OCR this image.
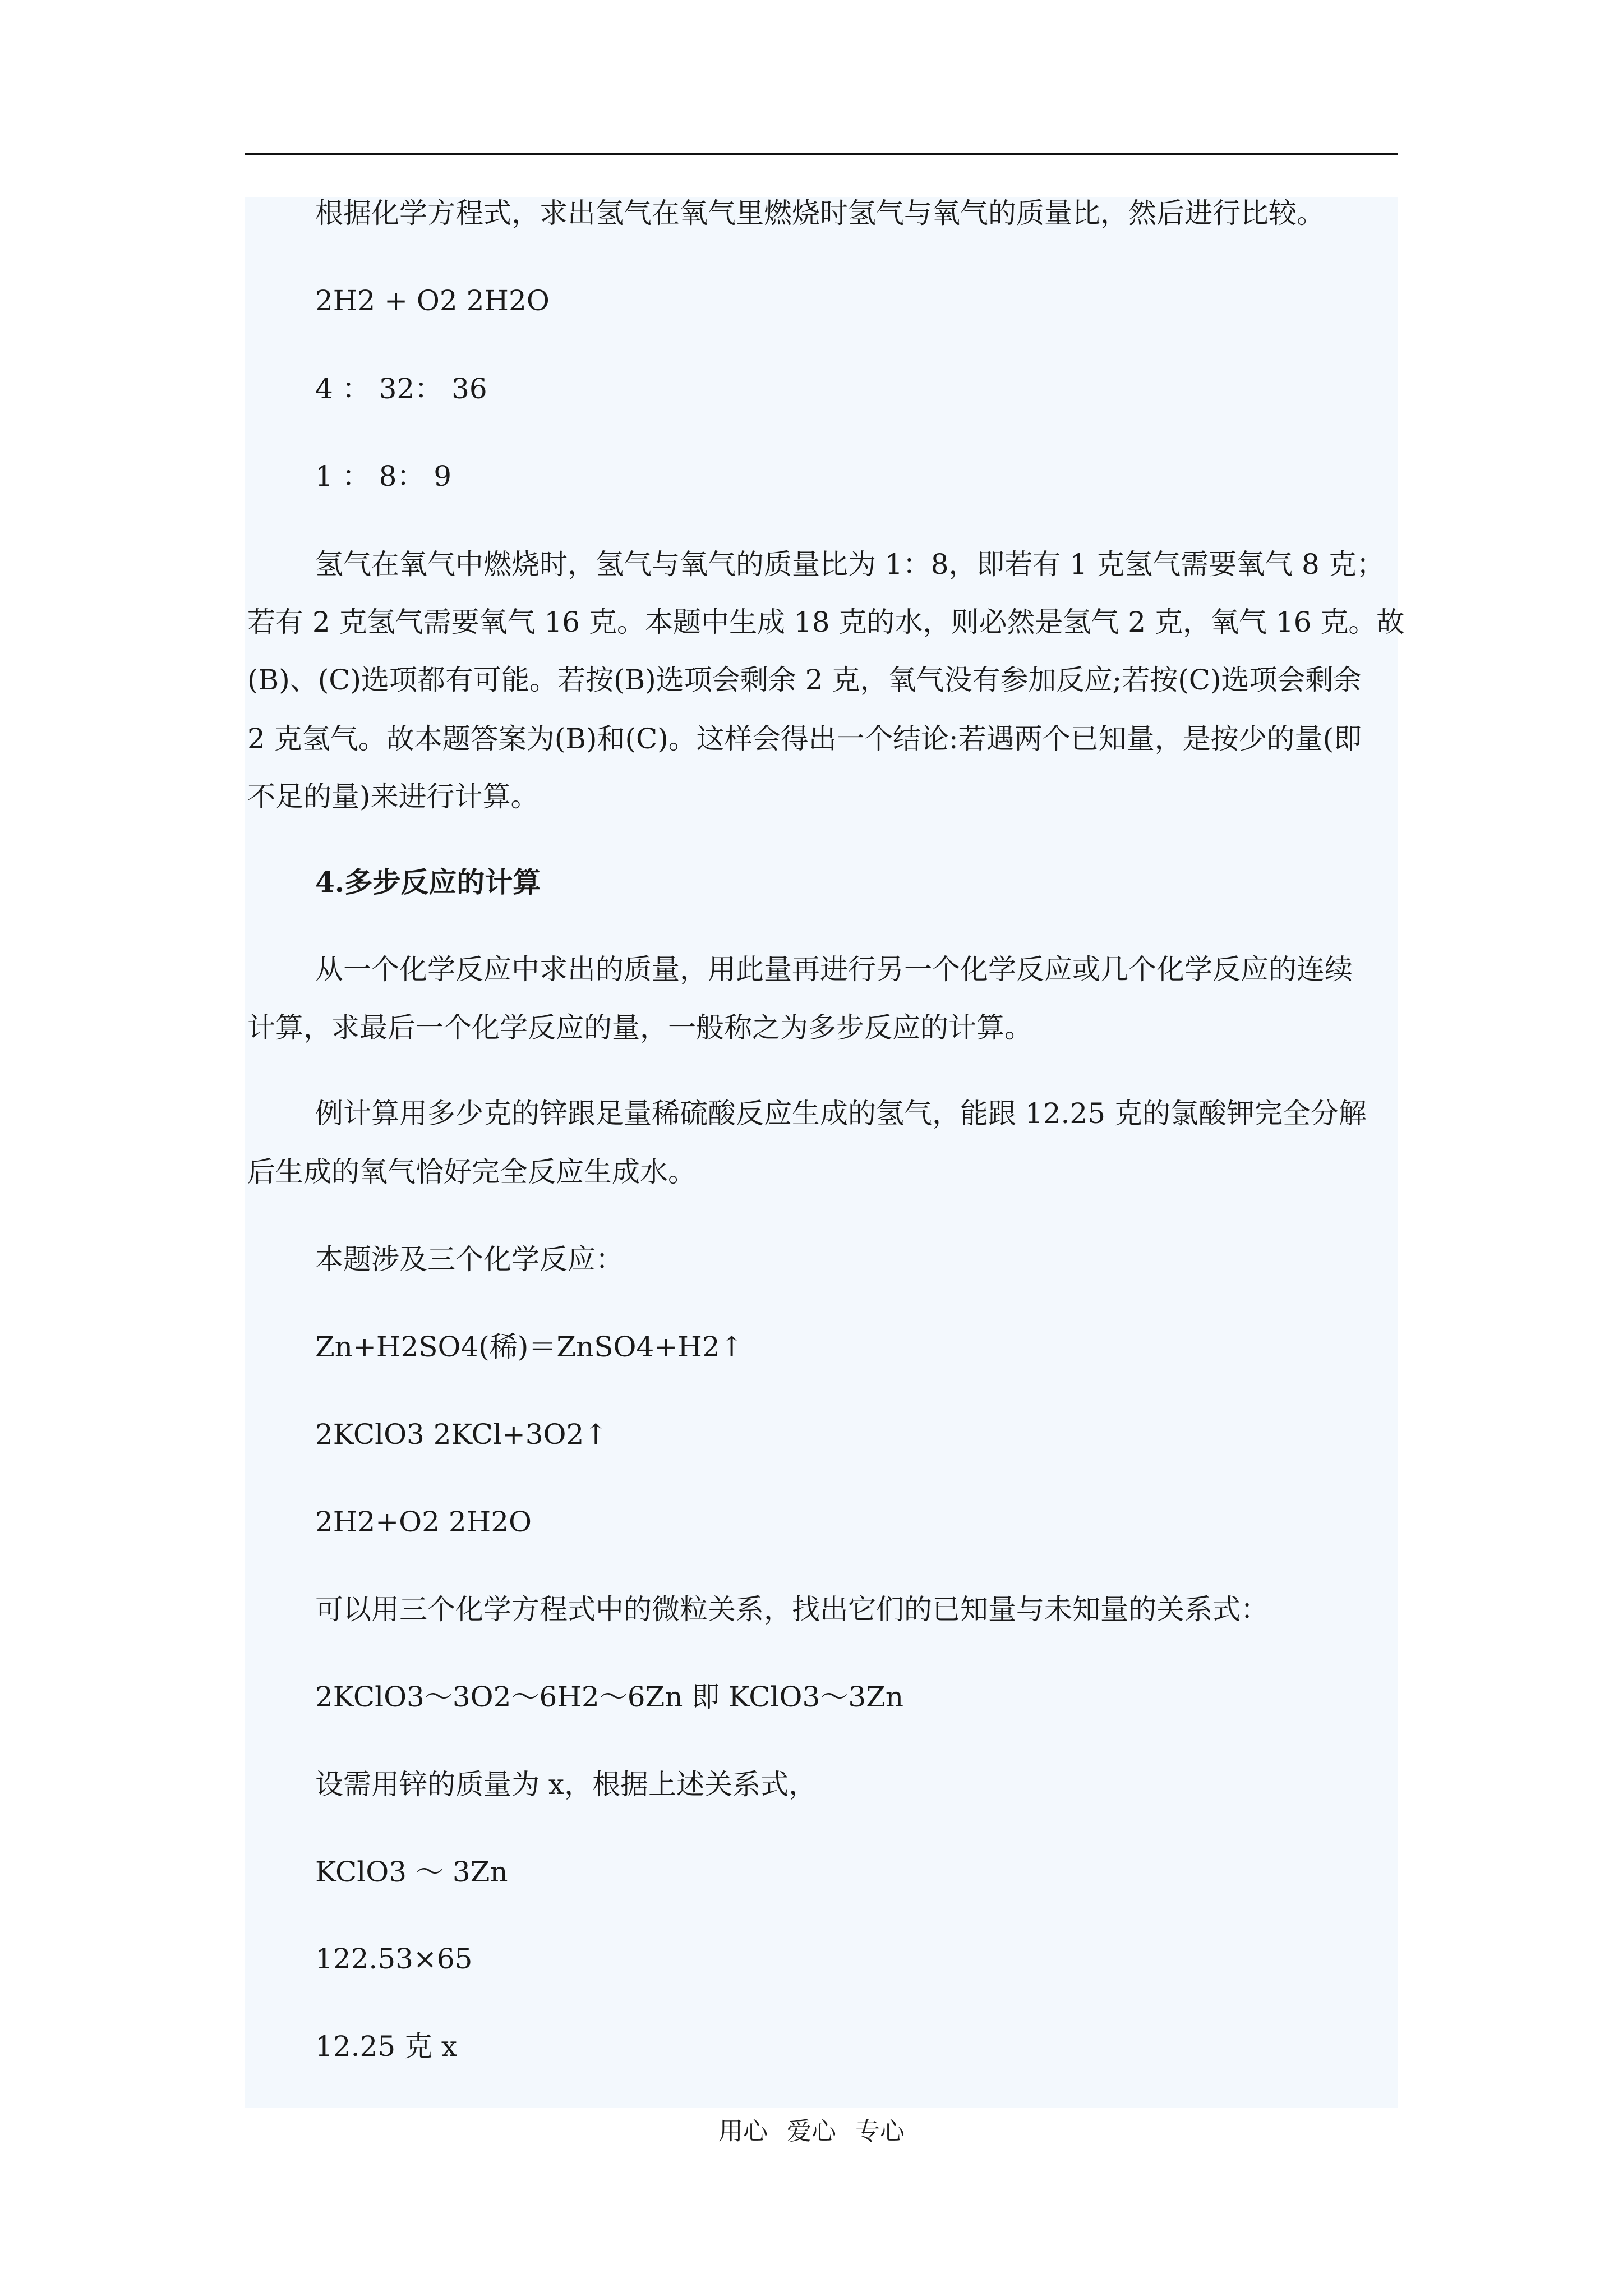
根据化学方程式，求出氢气在氧气里燃烧时氢气与氧气的质量比，然后进行比较。
2H2 + O2 2H2O
4 ： 32： 36
1 ： 8： 9
氢气在氧气中燃烧时，氢气与氧气的质量比为 1：8，即若有 1 克氢气需要氧气 8 克；
若有 2 克氢气需要氧气 16 克。本题中生成 18 克的水，则必然是氢气 2 克，氧气 16 克。故
(B)、(C)选项都有可能。若按(B)选项会剩余 2 克，氧气没有参加反应;若按(C)选项会剩余
2 克氢气。故本题答案为(B)和(C)。这样会得出一个结论:若遇两个已知量，是按少的量(即
不足的量)来进行计算。
4.多步反应的计算
从一个化学反应中求出的质量，用此量再进行另一个化学反应或几个化学反应的连续
计算，求最后一个化学反应的量，一般称之为多步反应的计算。
例计算用多少克的锌跟足量稀硫酸反应生成的氢气，能跟 12.25 克的氯酸钾完全分解
后生成的氧气恰好完全反应生成水。
本题涉及三个化学反应：
Zn+H2SO4(稀)＝ZnSO4+H2↑
2KClO3 2KCl+3O2↑
2H2+O2 2H2O
可以用三个化学方程式中的微粒关系，找出它们的已知量与未知量的关系式：
2KClO3～3O2～6H2～6Zn 即 KClO3～3Zn
设需用锌的质量为 x，根据上述关系式，
KClO3 ～ 3Zn
122.53×65
12.25 克 x
用心 爱心 专心
